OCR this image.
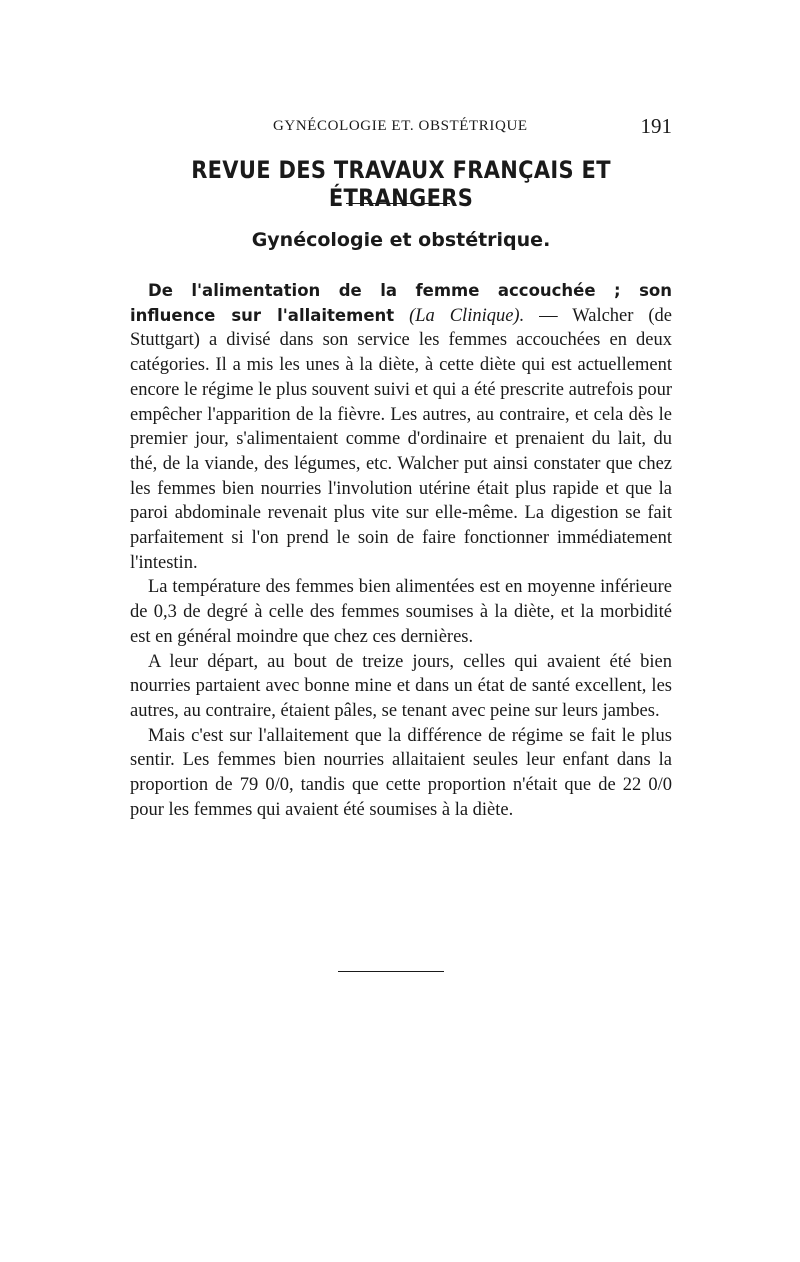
GYNÉCOLOGIE ET. OBSTÉTRIQUE	191
REVUE DES TRAVAUX FRANÇAIS ET ÉTRANGERS
Gynécologie et obstétrique.

De l'alimentation de la femme accouchée ; son influence sur l'allaitement (La Clinique). — Walcher (de Stuttgart) a divisé dans son service les femmes accouchées en deux catégories. Il a mis les unes à la diète, à cette diète qui est actuellement encore le régime le plus souvent suivi et qui a été prescrite autrefois pour empêcher l'apparition de la fièvre. Les autres, au contraire, et cela dès le premier jour, s'alimentaient comme d'ordinaire et prenaient du lait, du thé, de la viande, des légumes, etc. Walcher put ainsi constater que chez les femmes bien nourries l'involution utérine était plus rapide et que la paroi abdominale revenait plus vite sur elle-même. La digestion se fait parfaitement si l'on prend le soin de faire fonctionner immédiatement l'intestin.

La température des femmes bien alimentées est en moyenne inférieure de 0,3 de degré à celle des femmes soumises à la diète, et la morbidité est en général moindre que chez ces dernières.

A leur départ, au bout de treize jours, celles qui avaient été bien nourries partaient avec bonne mine et dans un état de santé excellent, les autres, au contraire, étaient pâles, se tenant avec peine sur leurs jambes.

Mais c'est sur l'allaitement que la différence de régime se fait le plus sentir. Les femmes bien nourries allaitaient seules leur enfant dans la proportion de 79 0/0, tandis que cette proportion n'était que de 22 0/0 pour les femmes qui avaient été soumises à la diète.
